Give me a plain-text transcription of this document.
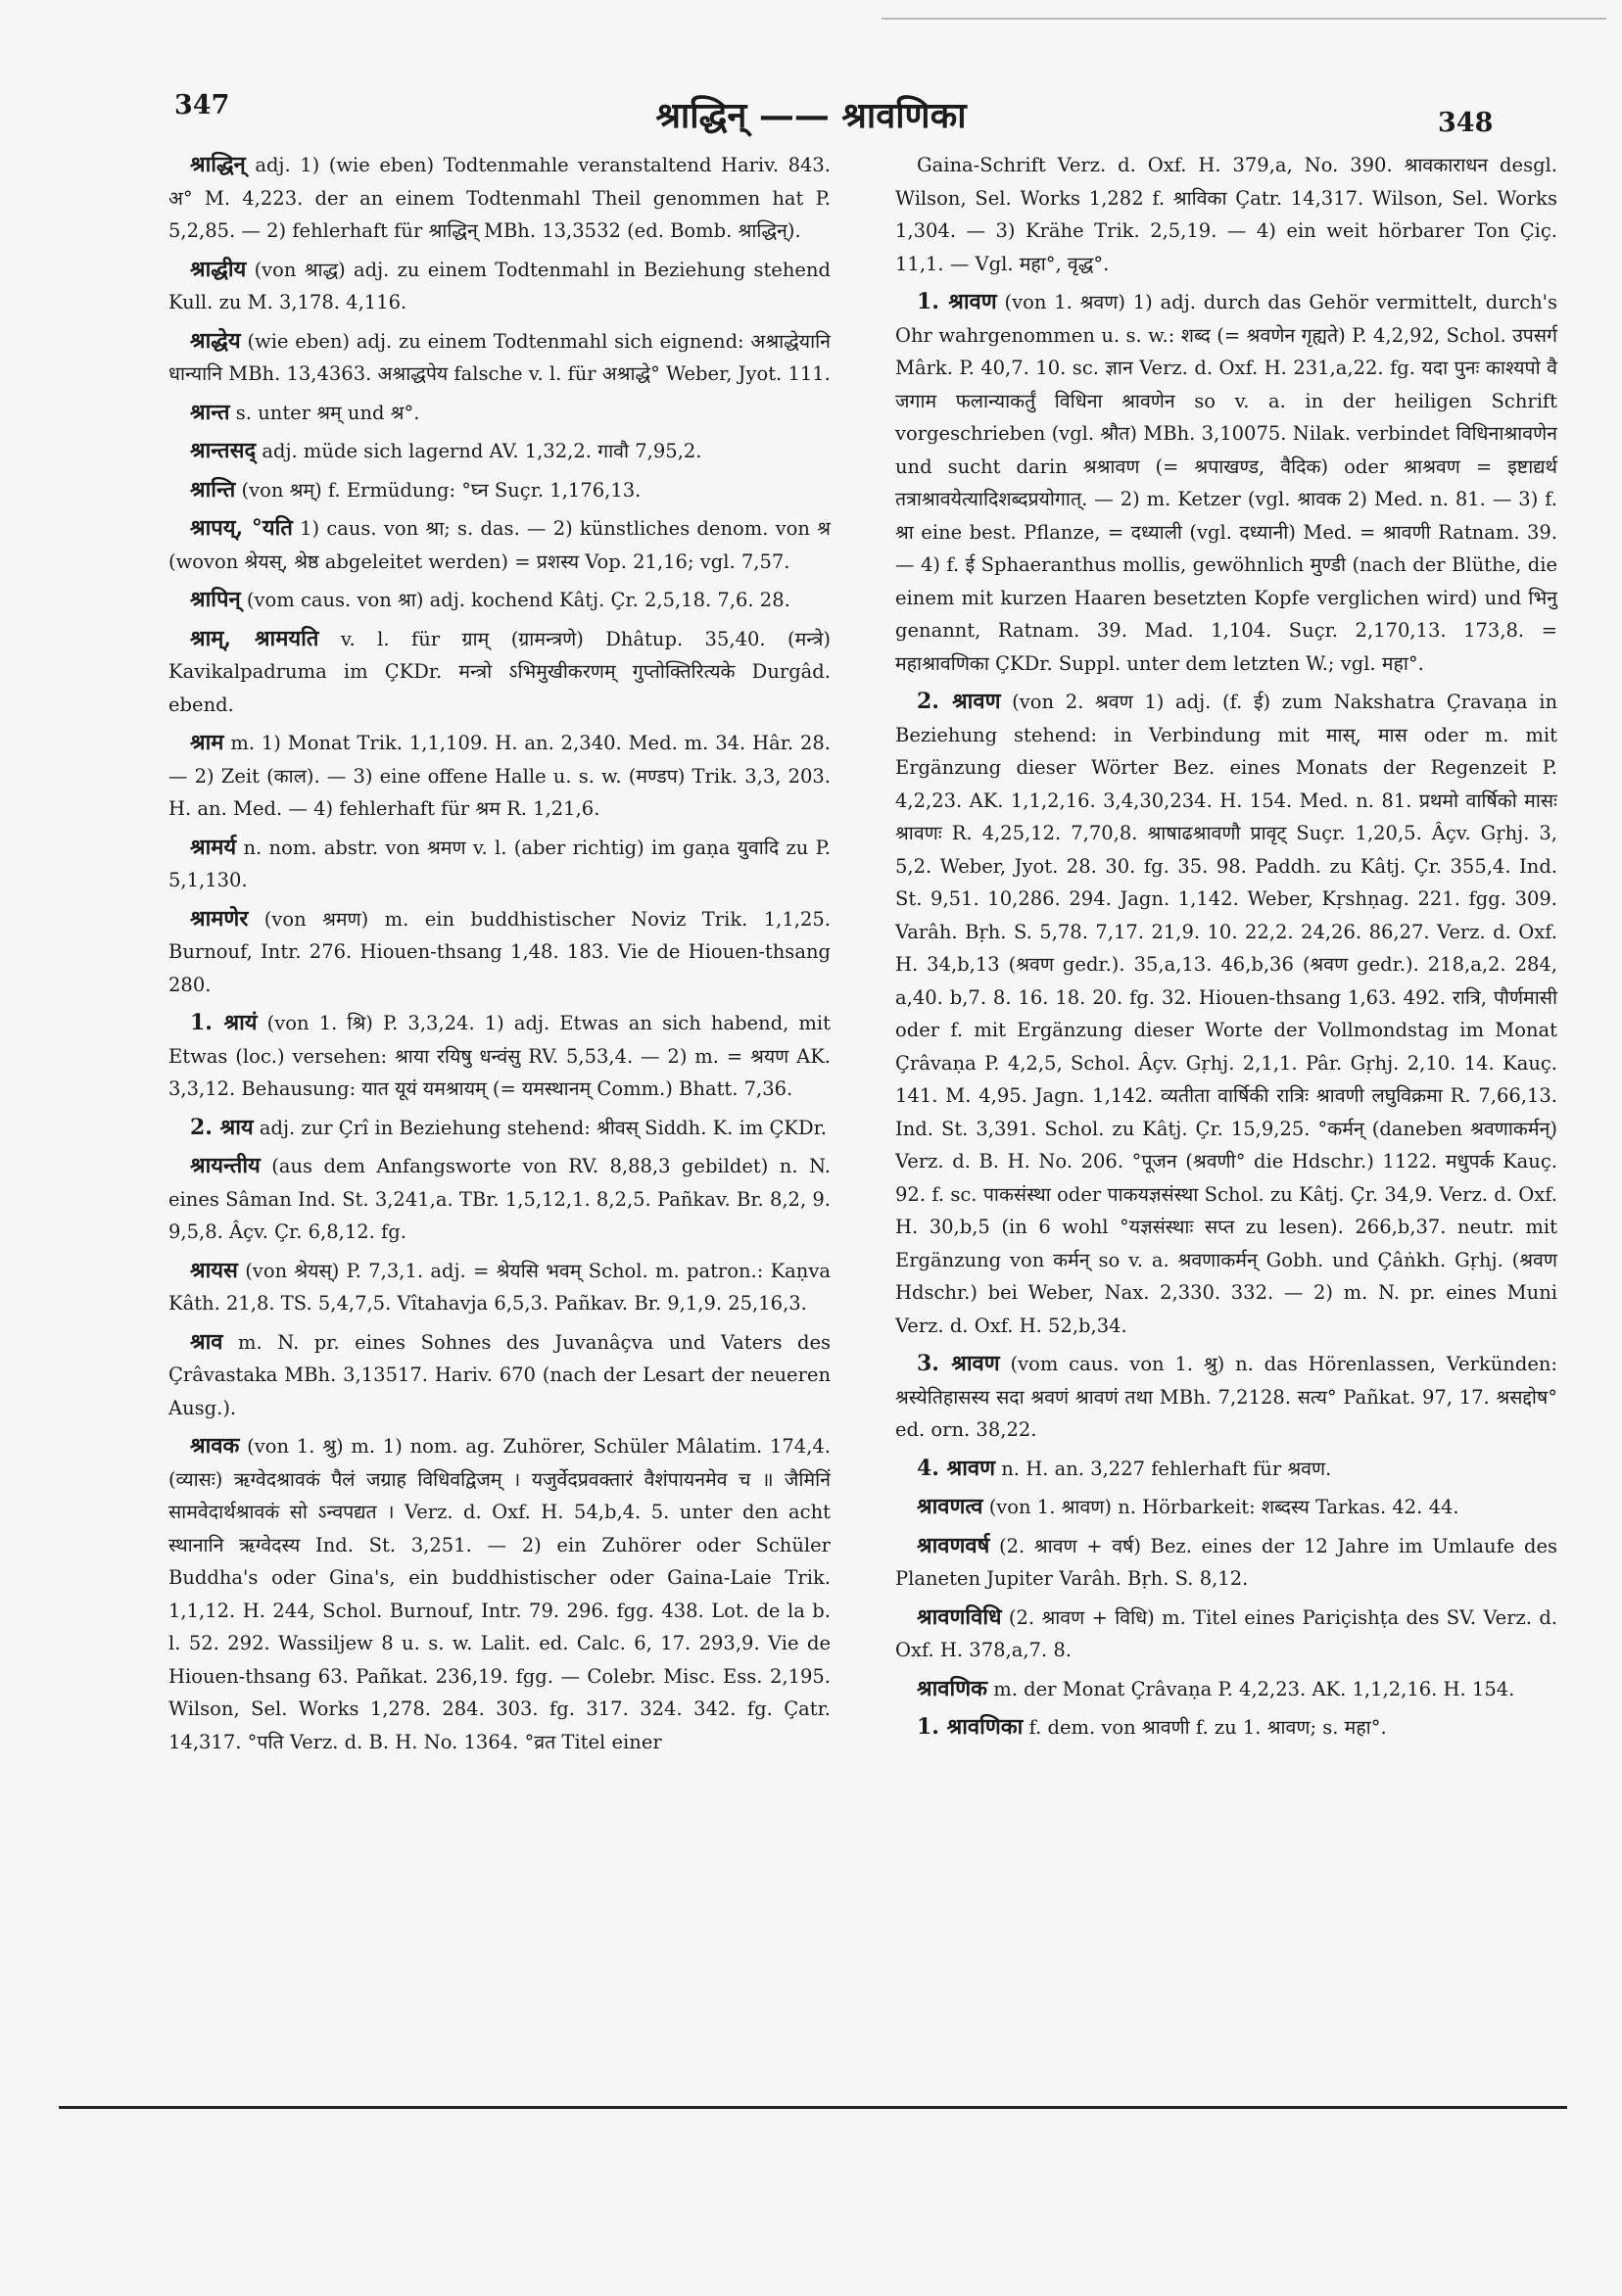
347	श्राद्धिन् —— श्रावणिका	348

श्राद्धिन् adj. 1) (wie eben) Todtenmahle veranstaltend Hariv. 843. अ° M. 4,223. der an einem Todtenmahl Theil genommen hat P. 5,2,85. — 2) fehlerhaft für श्राद्धिन् MBh. 13,3532 (ed. Bomb. श्राद्धिन्).

श्राद्धीय (von श्राद्ध) adj. zu einem Todtenmahl in Beziehung stehend Kull. zu M. 3,178. 4,116.

श्राद्धेय (wie eben) adj. zu einem Todtenmahl sich eignend: अश्राद्धेयानि धान्यानि MBh. 13,4363. अश्राद्धपेय falsche v. l. für अश्राद्धे° Weber, Jyot. 111.

श्रान्त s. unter श्रम् und श्र°.

श्रान्तसद् adj. müde sich lagernd AV. 1,32,2. गावौ 7,95,2.

श्रान्ति (von श्रम्) f. Ermüdung: °घ्न Suçr. 1,176,13.

श्रापय्, °यति 1) caus. von श्रा; s. das. — 2) künstliches denom. von श्र (wovon श्रेयस्, श्रेष्ठ abgeleitet werden) = प्रशस्य Vop. 21,16; vgl. 7,57.

श्रापिन् (vom caus. von श्रा) adj. kochend Kâtj. Çr. 2,5,18. 7,6. 28.

श्राम्, श्रामयति v. l. für ग्राम् (ग्रामन्त्रणे) Dhâtup. 35,40. (मन्त्रे) Kavikalpadruma im ÇKDr. मन्त्रो ऽभिमुखीकरणम् गुप्तोक्तिरित्यके Durgâd. ebend.

श्राम m. 1) Monat Trik. 1,1,109. H. an. 2,340. Med. m. 34. Hâr. 28. — 2) Zeit (काल). — 3) eine offene Halle u. s. w. (मण्डप) Trik. 3,3, 203. H. an. Med. — 4) fehlerhaft für श्रम R. 1,21,6.

श्रामर्य n. nom. abstr. von श्रमण v. l. (aber richtig) im gaṇa युवादि zu P. 5,1,130.

श्रामणेर (von श्रमण) m. ein buddhistischer Noviz Trik. 1,1,25. Burnouf, Intr. 276. Hiouen-thsang 1,48. 183. Vie de Hiouen-thsang 280.

1. श्रायं (von 1. श्रि) P. 3,3,24. 1) adj. Etwas an sich habend, mit Etwas (loc.) versehen: श्राया रयिषु धन्वंसु RV. 5,53,4. — 2) m. = श्रयण AK. 3,3,12. Behausung: यात यूयं यमश्रायम् (= यमस्थानम् Comm.) Bhatt. 7,36.

2. श्राय adj. zur Çrî in Beziehung stehend: श्रीवस् Siddh. K. im ÇKDr.

श्रायन्तीय (aus dem Anfangsworte von RV. 8,88,3 gebildet) n. N. eines Sâman Ind. St. 3,241,a. TBr. 1,5,12,1. 8,2,5. Pañkav. Br. 8,2, 9. 9,5,8. Âçv. Çr. 6,8,12. fg.

श्रायस (von श्रेयस्) P. 7,3,1. adj. = श्रेयसि भवम् Schol. m. patron.: Kaṇva Kâth. 21,8. TS. 5,4,7,5. Vîtahavja 6,5,3. Pañkav. Br. 9,1,9. 25,16,3.

श्राव m. N. pr. eines Sohnes des Juvanâçva und Vaters des Çrâvastaka MBh. 3,13517. Hariv. 670 (nach der Lesart der neueren Ausg.).

श्रावक (von 1. श्रु) m. 1) nom. ag. Zuhörer, Schüler Mâlatim. 174,4. (व्यासः) ऋग्वेदश्रावकं पैलं जग्राह विधिवद्विजम् । यजुर्वेदप्रवक्तारं वैशंपायनमेव च ॥ जैमिनिं सामवेदार्थश्रावकं सो ऽन्वपद्यत । Verz. d. Oxf. H. 54,b,4. 5. unter den acht स्थानानि ऋग्वेदस्य Ind. St. 3,251. — 2) ein Zuhörer oder Schüler Buddha's oder Gina's, ein buddhistischer oder Gaina-Laie Trik. 1,1,12. H. 244, Schol. Burnouf, Intr. 79. 296. fgg. 438. Lot. de la b. l. 52. 292. Wassiljew 8 u. s. w. Lalit. ed. Calc. 6, 17. 293,9. Vie de Hiouen-thsang 63. Pañkat. 236,19. fgg. — Colebr. Misc. Ess. 2,195. Wilson, Sel. Works 1,278. 284. 303. fg. 317. 324. 342. fg. Çatr. 14,317. °पति Verz. d. B. H. No. 1364. °व्रत Titel einer

Gaina-Schrift Verz. d. Oxf. H. 379,a, No. 390. श्रावकाराधन desgl. Wilson, Sel. Works 1,282 f. श्राविका Çatr. 14,317. Wilson, Sel. Works 1,304. — 3) Krähe Trik. 2,5,19. — 4) ein weit hörbarer Ton Çiç. 11,1. — Vgl. महा°, वृद्ध°.

1. श्रावण (von 1. श्रवण) 1) adj. durch das Gehör vermittelt, durch's Ohr wahrgenommen u. s. w.: शब्द (= श्रवणेन गृह्यते) P. 4,2,92, Schol. उपसर्ग Mârk. P. 40,7. 10. sc. ज्ञान Verz. d. Oxf. H. 231,a,22. fg. यदा पुनः काश्यपो वै जगाम फलान्याकर्तुं विधिना श्रावणेन so v. a. in der heiligen Schrift vorgeschrieben (vgl. श्रौत) MBh. 3,10075. Nilak. verbindet विधिनाश्रावणेन und sucht darin श्रश्रावण (= श्रपाखण्ड, वैदिक) oder श्राश्रवण = इष्टाद्यर्थ तत्राश्रावयेत्यादिशब्दप्रयोगात्. — 2) m. Ketzer (vgl. श्रावक 2) Med. n. 81. — 3) f. श्रा eine best. Pflanze, = दध्याली (vgl. दध्यानी) Med. = श्रावणी Ratnam. 39. — 4) f. ई Sphaeranthus mollis, gewöhnlich मुण्डी (nach der Blüthe, die einem mit kurzen Haaren besetzten Kopfe verglichen wird) und भिनु genannt, Ratnam. 39. Mad. 1,104. Suçr. 2,170,13. 173,8. = महाश्रावणिका ÇKDr. Suppl. unter dem letzten W.; vgl. महा°.

2. श्रावण (von 2. श्रवण 1) adj. (f. ई) zum Nakshatra Çravaṇa in Beziehung stehend: in Verbindung mit मास्, मास oder m. mit Ergänzung dieser Wörter Bez. eines Monats der Regenzeit P. 4,2,23. AK. 1,1,2,16. 3,4,30,234. H. 154. Med. n. 81. प्रथमो वार्षिको मासः श्रावणः R. 4,25,12. 7,70,8. श्राषाढश्रावणौ प्रावृट् Suçr. 1,20,5. Âçv. Gṛhj. 3, 5,2. Weber, Jyot. 28. 30. fg. 35. 98. Paddh. zu Kâtj. Çr. 355,4. Ind. St. 9,51. 10,286. 294. Jagn. 1,142. Weber, Kṛshṇag. 221. fgg. 309. Varâh. Bṛh. S. 5,78. 7,17. 21,9. 10. 22,2. 24,26. 86,27. Verz. d. Oxf. H. 34,b,13 (श्रवण gedr.). 35,a,13. 46,b,36 (श्रवण gedr.). 218,a,2. 284, a,40. b,7. 8. 16. 18. 20. fg. 32. Hiouen-thsang 1,63. 492. रात्रि, पौर्णमासी oder f. mit Ergänzung dieser Worte der Vollmondstag im Monat Çrâvaṇa P. 4,2,5, Schol. Âçv. Gṛhj. 2,1,1. Pâr. Gṛhj. 2,10. 14. Kauç. 141. M. 4,95. Jagn. 1,142. व्यतीता वार्षिकी रात्रिः श्रावणी लघुविक्रमा R. 7,66,13. Ind. St. 3,391. Schol. zu Kâtj. Çr. 15,9,25. °कर्मन् (daneben श्रवणाकर्मन्) Verz. d. B. H. No. 206. °पूजन (श्रवणी° die Hdschr.) 1122. मधुपर्क Kauç. 92. f. sc. पाकसंस्था oder पाकयज्ञसंस्था Schol. zu Kâtj. Çr. 34,9. Verz. d. Oxf. H. 30,b,5 (in 6 wohl °यज्ञसंस्थाः सप्त zu lesen). 266,b,37. neutr. mit Ergänzung von कर्मन् so v. a. श्रवणाकर्मन् Gobh. und Çâṅkh. Gṛhj. (श्रवण Hdschr.) bei Weber, Nax. 2,330. 332. — 2) m. N. pr. eines Muni Verz. d. Oxf. H. 52,b,34.

3. श्रावण (vom caus. von 1. श्रु) n. das Hörenlassen, Verkünden: श्रस्येतिहासस्य सदा श्रवणं श्रावणं तथा MBh. 7,2128. सत्य° Pañkat. 97, 17. श्रसद्दोष° ed. orn. 38,22.

4. श्रावण n. H. an. 3,227 fehlerhaft für श्रवण.

श्रावणत्व (von 1. श्रावण) n. Hörbarkeit: शब्दस्य Tarkas. 42. 44.

श्रावणवर्ष (2. श्रावण + वर्ष) Bez. eines der 12 Jahre im Umlaufe des Planeten Jupiter Varâh. Bṛh. S. 8,12.

श्रावणविधि (2. श्रावण + विधि) m. Titel eines Pariçishṭa des SV. Verz. d. Oxf. H. 378,a,7. 8.

श्रावणिक m. der Monat Çrâvaṇa P. 4,2,23. AK. 1,1,2,16. H. 154.

1. श्रावणिका f. dem. von श्रावणी f. zu 1. श्रावण; s. महा°.
